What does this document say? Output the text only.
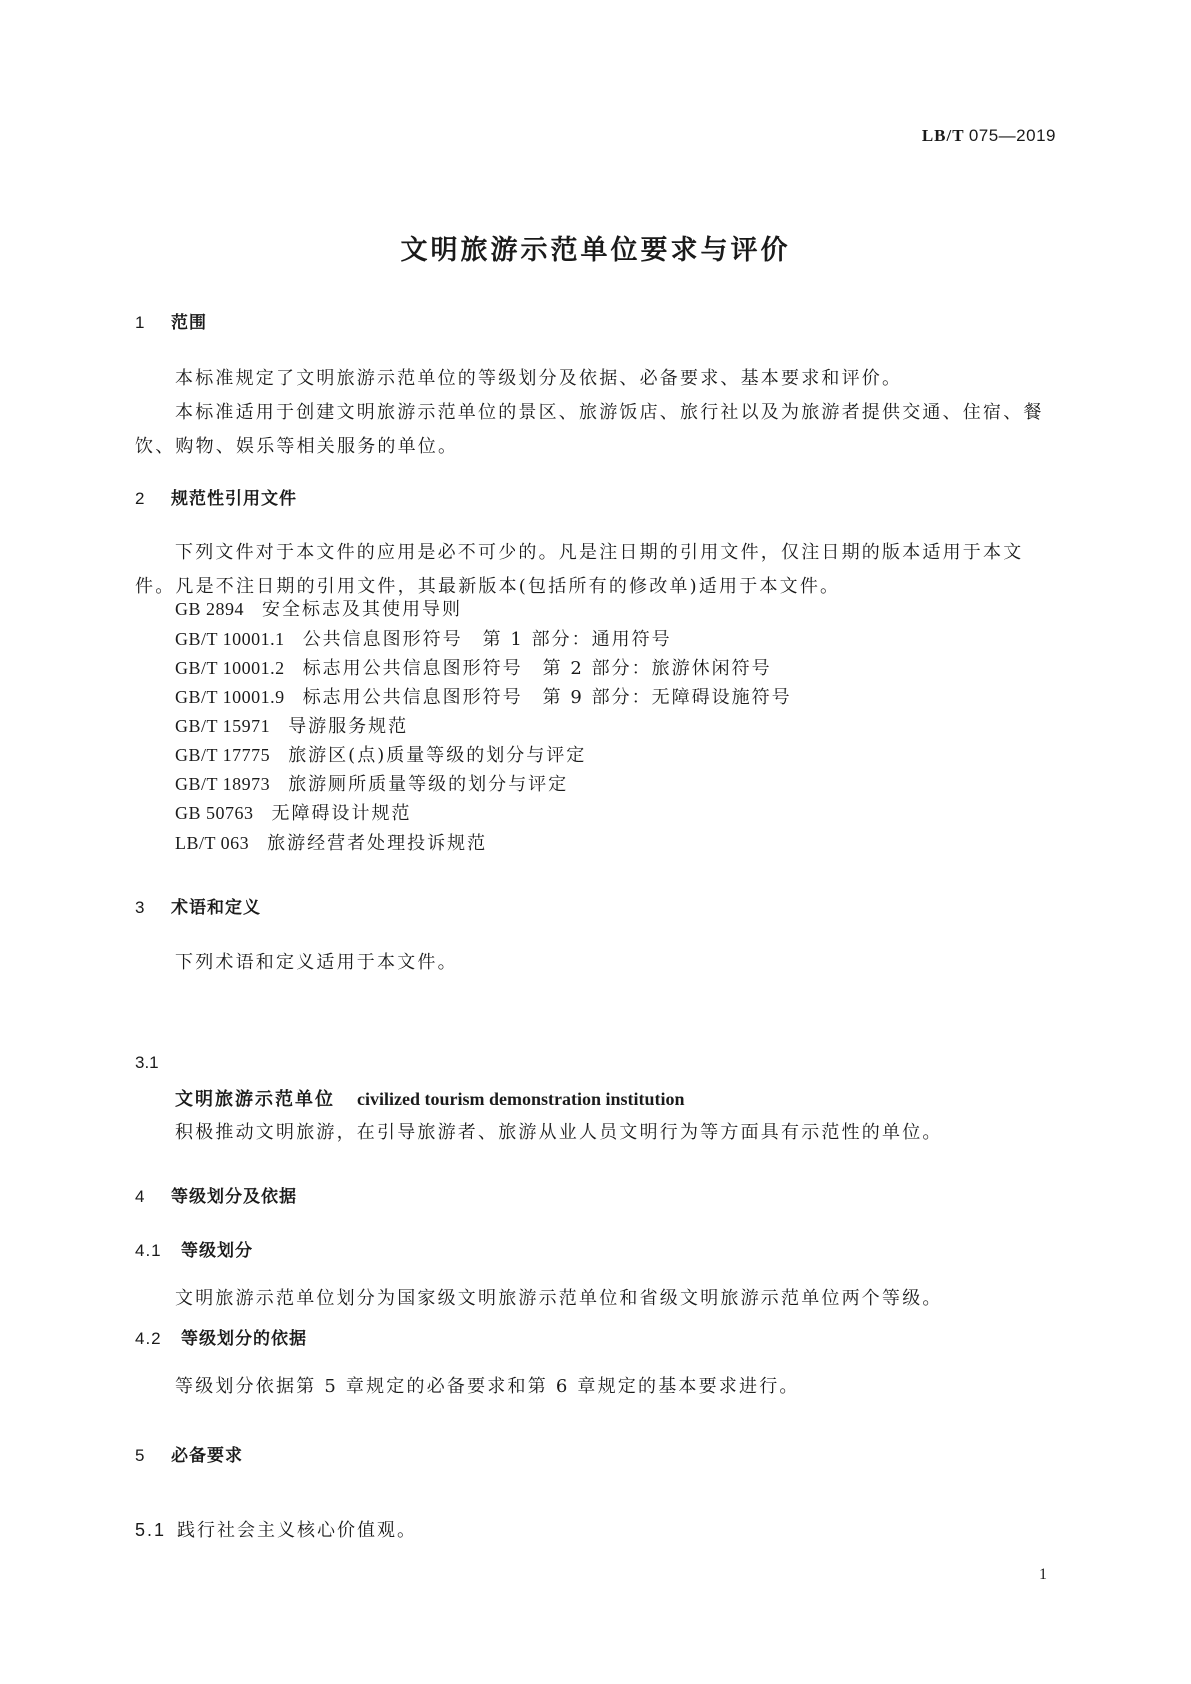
LB/T 075—2019
文明旅游示范单位要求与评价
1 范围
本标准规定了文明旅游示范单位的等级划分及依据、必备要求、基本要求和评价。
本标准适用于创建文明旅游示范单位的景区、旅游饭店、旅行社以及为旅游者提供交通、住宿、餐
饮、购物、娱乐等相关服务的单位。
2 规范性引用文件
下列文件对于本文件的应用是必不可少的。凡是注日期的引用文件，仅注日期的版本适用于本文
件。凡是不注日期的引用文件，其最新版本(包括所有的修改单)适用于本文件。
GB 2894 安全标志及其使用导则
GB/T 10001.1 公共信息图形符号　第 1 部分：通用符号
GB/T 10001.2 标志用公共信息图形符号　第 2 部分：旅游休闲符号
GB/T 10001.9 标志用公共信息图形符号　第 9 部分：无障碍设施符号
GB/T 15971 导游服务规范
GB/T 17775 旅游区(点)质量等级的划分与评定
GB/T 18973 旅游厕所质量等级的划分与评定
GB 50763 无障碍设计规范
LB/T 063 旅游经营者处理投诉规范
3 术语和定义
下列术语和定义适用于本文件。
3.1
文明旅游示范单位 civilized tourism demonstration institution
积极推动文明旅游，在引导旅游者、旅游从业人员文明行为等方面具有示范性的单位。
4 等级划分及依据
4.1 等级划分
文明旅游示范单位划分为国家级文明旅游示范单位和省级文明旅游示范单位两个等级。
4.2 等级划分的依据
等级划分依据第 5 章规定的必备要求和第 6 章规定的基本要求进行。
5 必备要求
5.1 践行社会主义核心价值观。
1
